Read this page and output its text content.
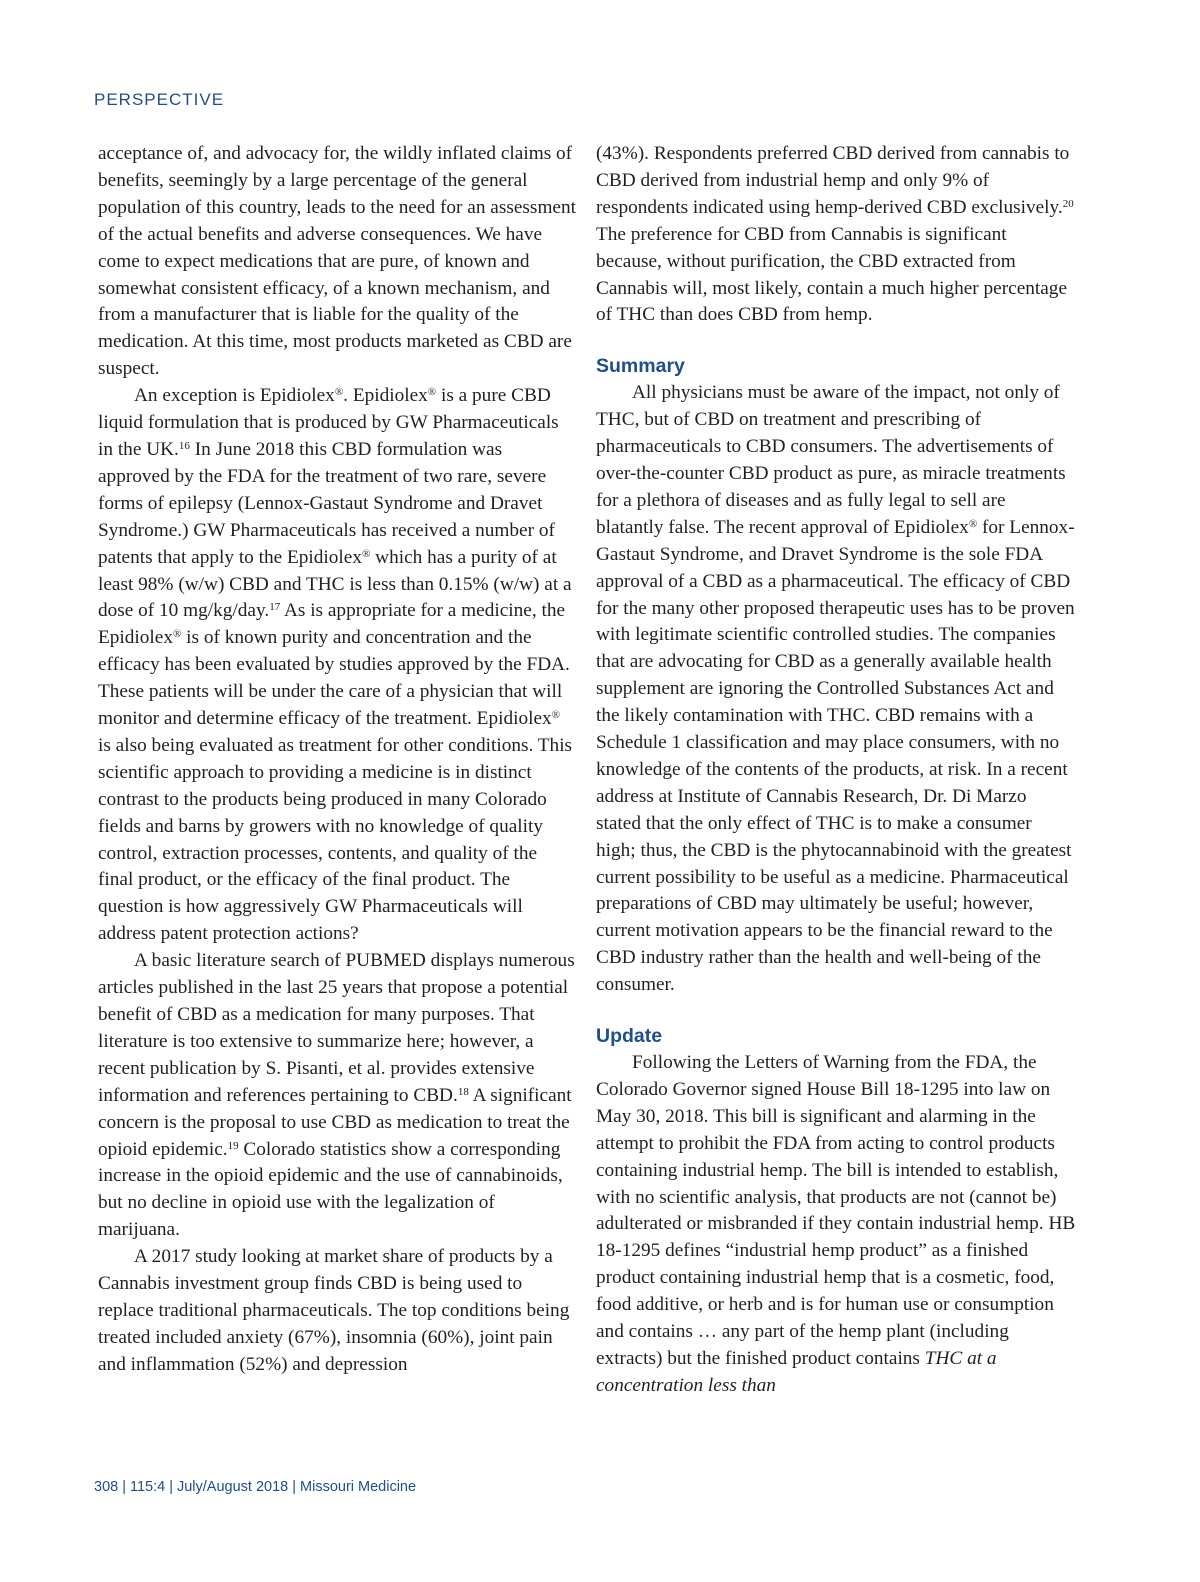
PERSPECTIVE

acceptance of, and advocacy for, the wildly inflated claims of benefits, seemingly by a large percentage of the general population of this country, leads to the need for an assessment of the actual benefits and adverse consequences. We have come to expect medications that are pure, of known and somewhat consistent efficacy, of a known mechanism, and from a manufacturer that is liable for the quality of the medication. At this time, most products marketed as CBD are suspect.

An exception is Epidiolex®. Epidiolex® is a pure CBD liquid formulation that is produced by GW Pharmaceuticals in the UK.$^{16}$ In June 2018 this CBD formulation was approved by the FDA for the treatment of two rare, severe forms of epilepsy (Lennox-Gastaut Syndrome and Dravet Syndrome.) GW Pharmaceuticals has received a number of patents that apply to the Epidiolex® which has a purity of at least 98% (w/w) CBD and THC is less than 0.15% (w/w) at a dose of 10 mg/kg/day.$^{17}$ As is appropriate for a medicine, the Epidiolex® is of known purity and concentration and the efficacy has been evaluated by studies approved by the FDA. These patients will be under the care of a physician that will monitor and determine efficacy of the treatment. Epidiolex® is also being evaluated as treatment for other conditions. This scientific approach to providing a medicine is in distinct contrast to the products being produced in many Colorado fields and barns by growers with no knowledge of quality control, extraction processes, contents, and quality of the final product, or the efficacy of the final product. The question is how aggressively GW Pharmaceuticals will address patent protection actions?

A basic literature search of PUBMED displays numerous articles published in the last 25 years that propose a potential benefit of CBD as a medication for many purposes. That literature is too extensive to summarize here; however, a recent publication by S. Pisanti, et al. provides extensive information and references pertaining to CBD.$^{18}$ A significant concern is the proposal to use CBD as medication to treat the opioid epidemic.$^{19}$ Colorado statistics show a corresponding increase in the opioid epidemic and the use of cannabinoids, but no decline in opioid use with the legalization of marijuana.

A 2017 study looking at market share of products by a Cannabis investment group finds CBD is being used to replace traditional pharmaceuticals. The top conditions being treated included anxiety (67%), insomnia (60%), joint pain and inflammation (52%) and depression

(43%). Respondents preferred CBD derived from cannabis to CBD derived from industrial hemp and only 9% of respondents indicated using hemp-derived CBD exclusively.$^{20}$ The preference for CBD from Cannabis is significant because, without purification, the CBD extracted from Cannabis will, most likely, contain a much higher percentage of THC than does CBD from hemp.

Summary

All physicians must be aware of the impact, not only of THC, but of CBD on treatment and prescribing of pharmaceuticals to CBD consumers. The advertisements of over-the-counter CBD product as pure, as miracle treatments for a plethora of diseases and as fully legal to sell are blatantly false. The recent approval of Epidiolex® for Lennox-Gastaut Syndrome, and Dravet Syndrome is the sole FDA approval of a CBD as a pharmaceutical. The efficacy of CBD for the many other proposed therapeutic uses has to be proven with legitimate scientific controlled studies. The companies that are advocating for CBD as a generally available health supplement are ignoring the Controlled Substances Act and the likely contamination with THC. CBD remains with a Schedule 1 classification and may place consumers, with no knowledge of the contents of the products, at risk. In a recent address at Institute of Cannabis Research, Dr. Di Marzo stated that the only effect of THC is to make a consumer high; thus, the CBD is the phytocannabinoid with the greatest current possibility to be useful as a medicine. Pharmaceutical preparations of CBD may ultimately be useful; however, current motivation appears to be the financial reward to the CBD industry rather than the health and well-being of the consumer.

Update

Following the Letters of Warning from the FDA, the Colorado Governor signed House Bill 18-1295 into law on May 30, 2018. This bill is significant and alarming in the attempt to prohibit the FDA from acting to control products containing industrial hemp. The bill is intended to establish, with no scientific analysis, that products are not (cannot be) adulterated or misbranded if they contain industrial hemp. HB 18-1295 defines “industrial hemp product” as a finished product containing industrial hemp that is a cosmetic, food, food additive, or herb and is for human use or consumption and contains … any part of the hemp plant (including extracts) but the finished product contains THC at a concentration less than

308 | 115:4 | July/August 2018 | Missouri Medicine
